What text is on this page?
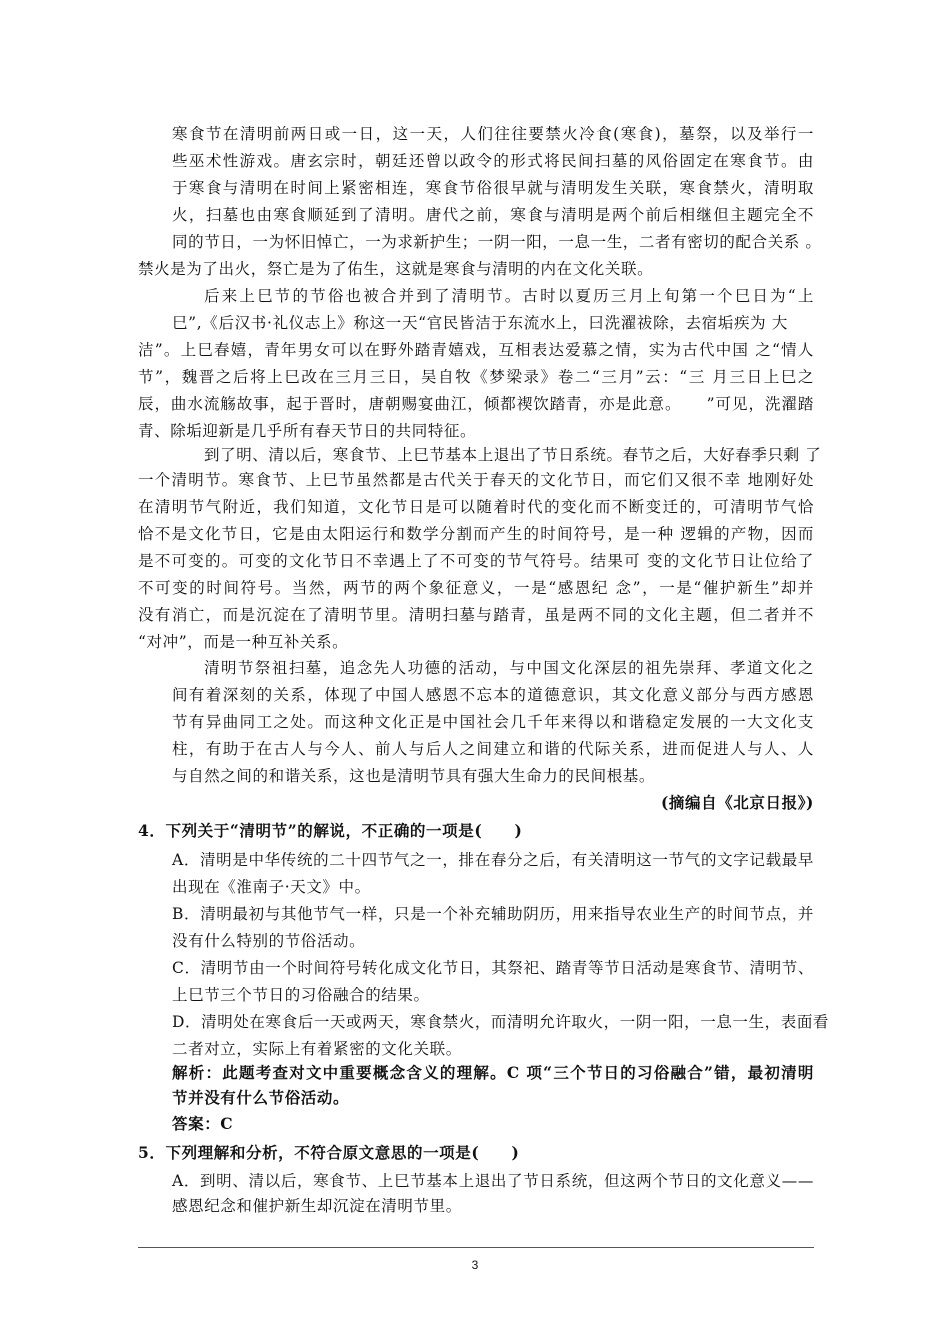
寒食节在清明前两日或一日，这一天，人们往往要禁火冷食(寒食)，墓祭，以及举行一
些巫术性游戏。唐玄宗时，朝廷还曾以政令的形式将民间扫墓的风俗固定在寒食节。由
于寒食与清明在时间上紧密相连，寒食节俗很早就与清明发生关联，寒食禁火，清明取
火，扫墓也由寒食顺延到了清明。唐代之前，寒食与清明是两个前后相继但主题完全不
同的节日，一为怀旧悼亡，一为求新护生；一阴一阳，一息一生，二者有密切的配合关系 。
禁火是为了出火，祭亡是为了佑生，这就是寒食与清明的内在文化关联。
后来上巳节的节俗也被合并到了清明节。古时以夏历三月上旬第一个巳日为“上
巳”,《后汉书·礼仪志上》称这一天“官民皆洁于东流水上，曰洗濯祓除，去宿垢疾为 大
洁”。上巳春嬉，青年男女可以在野外踏青嬉戏，互相表达爱慕之情，实为古代中国 之“情人
节”，魏晋之后将上巳改在三月三日，吴自牧《梦梁录》卷二“三月”云：“三 月三日上巳之
辰，曲水流觞故事，起于晋时，唐朝赐宴曲江，倾都禊饮踏青，亦是此意。　　”可见，洗濯踏
青、除垢迎新是几乎所有春天节日的共同特征。
到了明、清以后，寒食节、上巳节基本上退出了节日系统。春节之后，大好春季只剩 了
一个清明节。寒食节、上巳节虽然都是古代关于春天的文化节日，而它们又很不幸 地刚好处
在清明节气附近，我们知道，文化节日是可以随着时代的变化而不断变迁的，可清明节气恰
恰不是文化节日，它是由太阳运行和数学分割而产生的时间符号，是一种 逻辑的产物，因而
是不可变的。可变的文化节日不幸遇上了不可变的节气符号。结果可 变的文化节日让位给了
不可变的时间符号。当然，两节的两个象征意义，一是“感恩纪 念”，一是“催护新生”却并
没有消亡，而是沉淀在了清明节里。清明扫墓与踏青，虽是两不同的文化主题，但二者并不
“对冲”，而是一种互补关系。
清明节祭祖扫墓，追念先人功德的活动，与中国文化深层的祖先崇拜、孝道文化之
间有着深刻的关系，体现了中国人感恩不忘本的道德意识，其文化意义部分与西方感恩
节有异曲同工之处。而这种文化正是中国社会几千年来得以和谐稳定发展的一大文化支
柱，有助于在古人与今人、前人与后人之间建立和谐的代际关系，进而促进人与人、人
与自然之间的和谐关系，这也是清明节具有强大生命力的民间根基。
(摘编自《北京日报》)
4．下列关于“清明节”的解说，不正确的一项是(　　)
A．清明是中华传统的二十四节气之一，排在春分之后，有关清明这一节气的文字记载最早
出现在《淮南子·天文》中。
B．清明最初与其他节气一样，只是一个补充辅助阴历，用来指导农业生产的时间节点，并
没有什么特别的节俗活动。
C．清明节由一个时间符号转化成文化节日，其祭祀、踏青等节日活动是寒食节、清明节、
上巳节三个节日的习俗融合的结果。
D．清明处在寒食后一天或两天，寒食禁火，而清明允许取火，一阴一阳，一息一生，表面看
二者对立，实际上有着紧密的文化关联。
解析：此题考查对文中重要概念含义的理解。C 项“三个节日的习俗融合”错，最初清明
节并没有什么节俗活动。
答案：C
5．下列理解和分析，不符合原文意思的一项是(　　)
A．到明、清以后，寒食节、上巳节基本上退出了节日系统，但这两个节日的文化意义——
感恩纪念和催护新生却沉淀在清明节里。
3
